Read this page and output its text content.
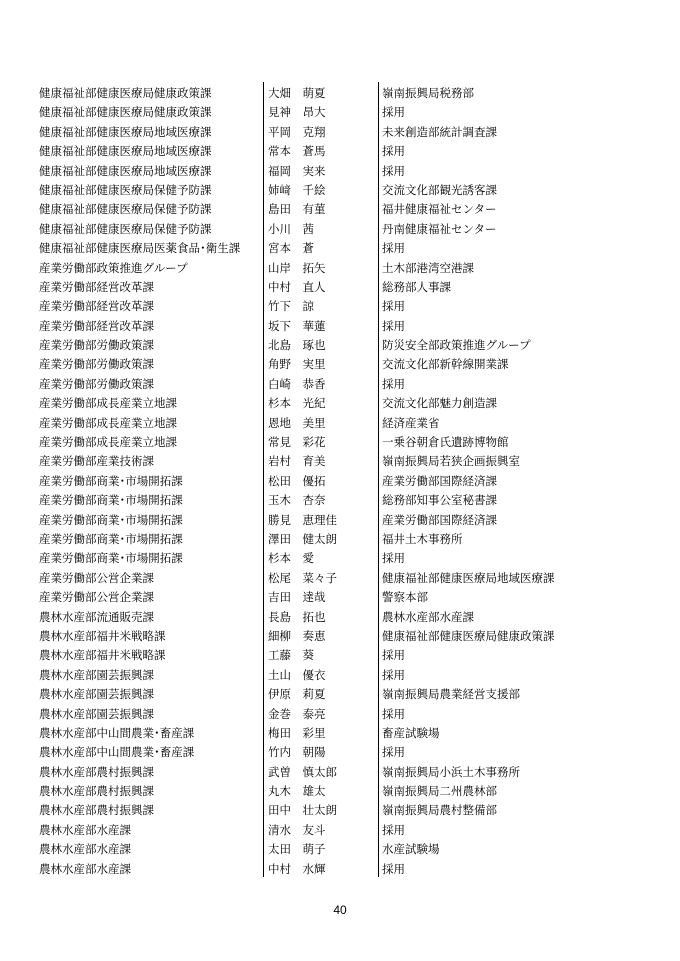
健康福祉部健康医療局健康政策課	大畑　萌夏	嶺南振興局税務部
健康福祉部健康医療局健康政策課	見神　昂大	採用
健康福祉部健康医療局地域医療課	平岡　克翔	未来創造部統計調査課
健康福祉部健康医療局地域医療課	常本　蒼馬	採用
健康福祉部健康医療局地域医療課	福岡　実来	採用
健康福祉部健康医療局保健予防課	姉﨑　千絵	交流文化部観光誘客課
健康福祉部健康医療局保健予防課	島田　有菫	福井健康福祉センター
健康福祉部健康医療局保健予防課	小川　茜	丹南健康福祉センター
健康福祉部健康医療局医薬食品･衛生課 宮本　蒼	採用
産業労働部政策推進グループ	山岸　拓矢	土木部港湾空港課
産業労働部経営改革課	中村　直人	総務部人事課
産業労働部経営改革課	竹下　諒	採用
産業労働部経営改革課	坂下　華蓮	採用
産業労働部労働政策課	北島　琢也	防災安全部政策推進グループ
産業労働部労働政策課	角野　実里	交流文化部新幹線開業課
産業労働部労働政策課	白崎　恭香	採用
産業労働部成長産業立地課	杉本　光紀	交流文化部魅力創造課
産業労働部成長産業立地課	恩地　美里	経済産業省
産業労働部成長産業立地課	常見　彩花	一乗谷朝倉氏遺跡博物館
産業労働部産業技術課	岩村　育美	嶺南振興局若狭企画振興室
産業労働部商業･市場開拓課	松田　優拓	産業労働部国際経済課
産業労働部商業･市場開拓課	玉木　杏奈	総務部知事公室秘書課
産業労働部商業･市場開拓課	勝見　恵理佳	産業労働部国際経済課
産業労働部商業･市場開拓課	澤田　健太朗	福井土木事務所
産業労働部商業･市場開拓課	杉本　愛	採用
産業労働部公営企業課	松尾　菜々子	健康福祉部健康医療局地域医療課
産業労働部公営企業課	吉田　達哉	警察本部
農林水産部流通販売課	長島　拓也	農林水産部水産課
農林水産部福井米戦略課	細柳　奏恵	健康福祉部健康医療局健康政策課
農林水産部福井米戦略課	工藤　葵	採用
農林水産部園芸振興課	土山　優衣	採用
農林水産部園芸振興課	伊原　莉夏	嶺南振興局農業経営支援部
農林水産部園芸振興課	金巻　泰亮	採用
農林水産部中山間農業･畜産課	梅田　彩里	畜産試験場
農林水産部中山間農業･畜産課	竹内　朝陽	採用
農林水産部農村振興課	武曽　慎太郎	嶺南振興局小浜土木事務所
農林水産部農村振興課	丸木　雄太	嶺南振興局二州農林部
農林水産部農村振興課	田中　壮太朗	嶺南振興局農村整備部
農林水産部水産課	清水　友斗	採用
農林水産部水産課	太田　萌子	水産試験場
農林水産部水産課	中村　水輝	採用
40
